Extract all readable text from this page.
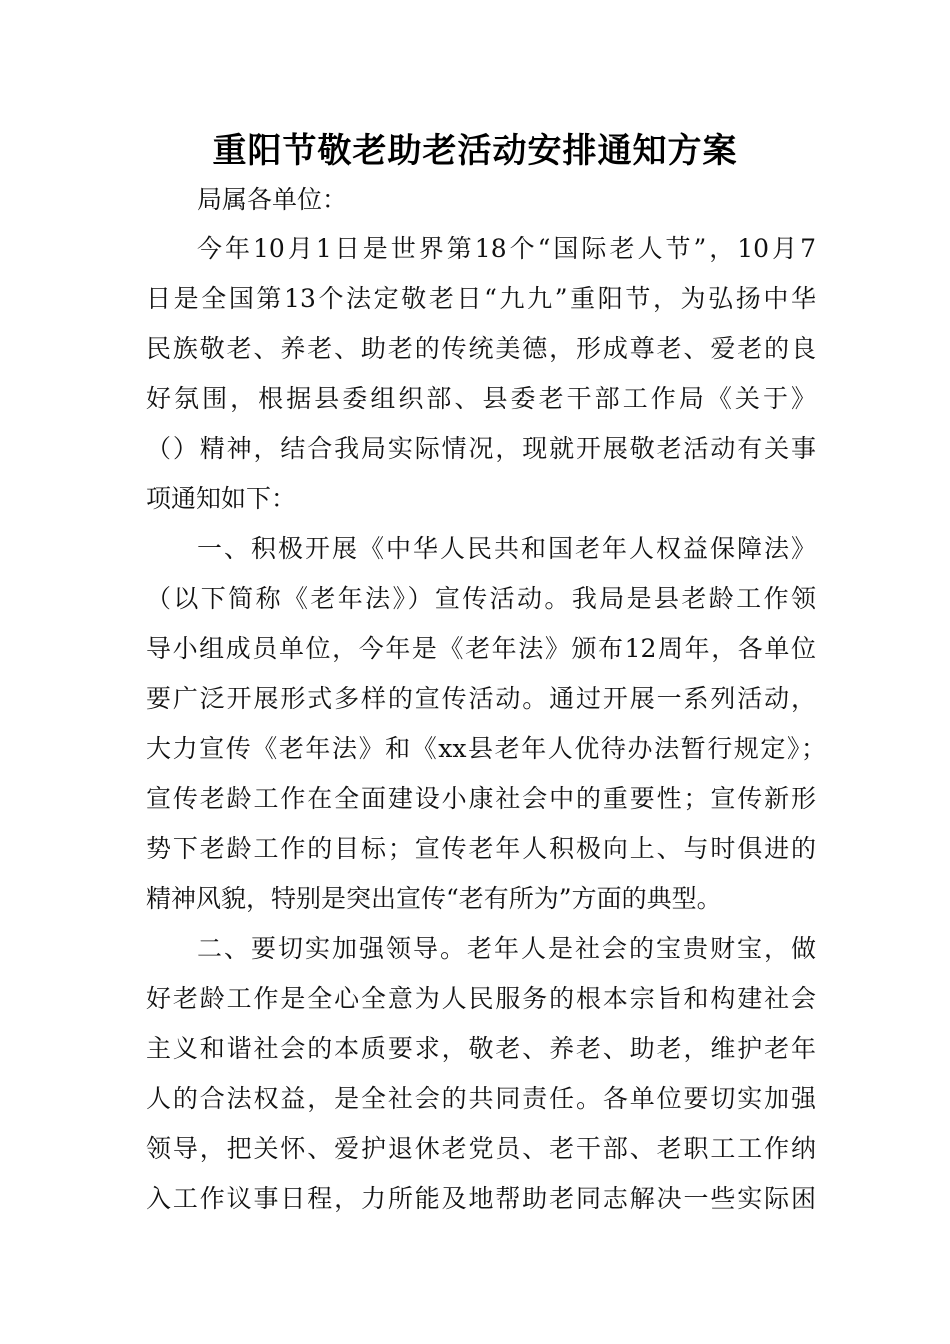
重阳节敬老助老活动安排通知方案
局属各单位：
今年10月1日是世界第18个“国际老人节”，10月7
日是全国第13个法定敬老日“九九”重阳节，为弘扬中华
民族敬老、养老、助老的传统美德，形成尊老、爱老的良
好氛围，根据县委组织部、县委老干部工作局《关于》
（）精神，结合我局实际情况，现就开展敬老活动有关事
项通知如下：
一、积极开展《中华人民共和国老年人权益保障法》
（以下简称《老年法》）宣传活动。我局是县老龄工作领
导小组成员单位，今年是《老年法》颁布12周年，各单位
要广泛开展形式多样的宣传活动。通过开展一系列活动，
大力宣传《老年法》和《xx县老年人优待办法暂行规定》；
宣传老龄工作在全面建设小康社会中的重要性；宣传新形
势下老龄工作的目标；宣传老年人积极向上、与时俱进的
精神风貌，特别是突出宣传“老有所为”方面的典型。
二、要切实加强领导。老年人是社会的宝贵财宝，做
好老龄工作是全心全意为人民服务的根本宗旨和构建社会
主义和谐社会的本质要求，敬老、养老、助老，维护老年
人的合法权益，是全社会的共同责任。各单位要切实加强
领导，把关怀、爱护退休老党员、老干部、老职工工作纳
入工作议事日程，力所能及地帮助老同志解决一些实际困
